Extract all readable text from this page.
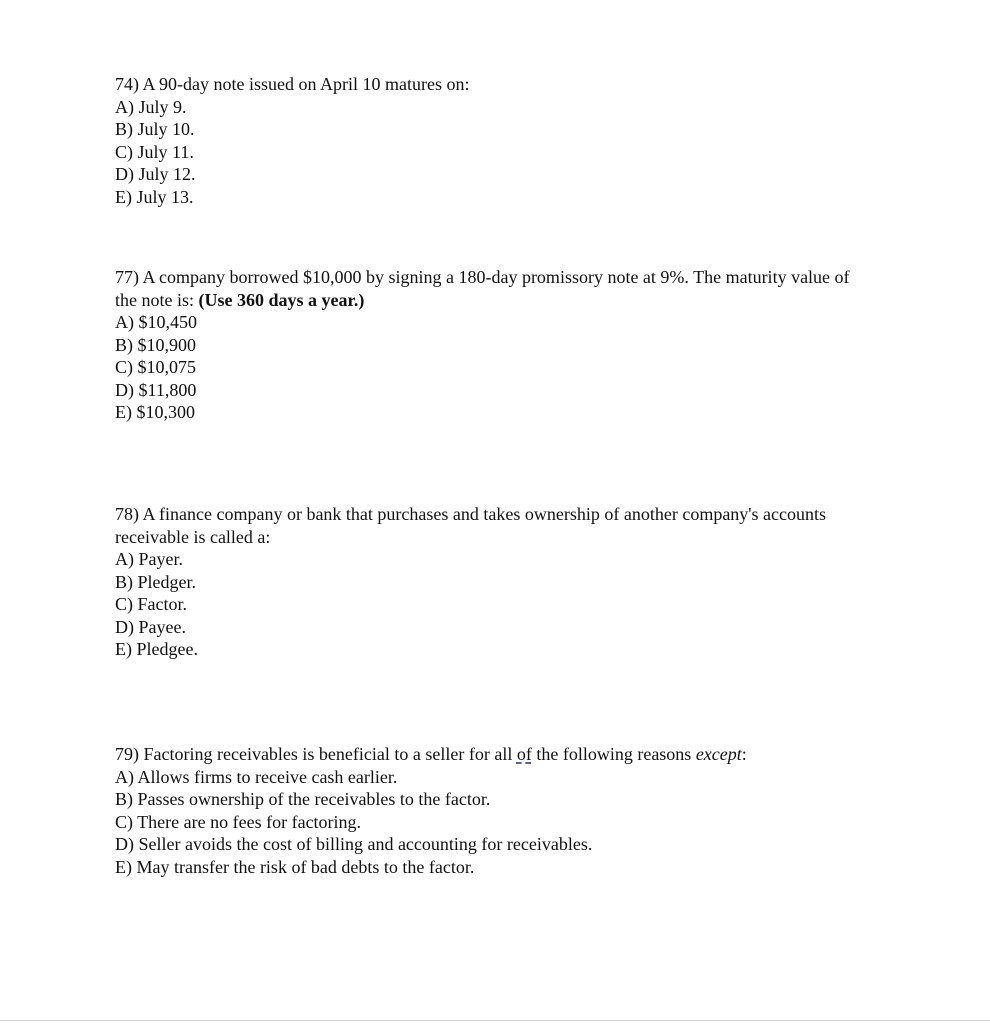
74) A 90-day note issued on April 10 matures on:
A) July 9.
B) July 10.
C) July 11.
D) July 12.
E) July 13.
77) A company borrowed $10,000 by signing a 180-day promissory note at 9%. The maturity value of the note is: (Use 360 days a year.)
A) $10,450
B) $10,900
C) $10,075
D) $11,800
E) $10,300
78) A finance company or bank that purchases and takes ownership of another company's accounts receivable is called a:
A) Payer.
B) Pledger.
C) Factor.
D) Payee.
E) Pledgee.
79) Factoring receivables is beneficial to a seller for all of the following reasons except:
A) Allows firms to receive cash earlier.
B) Passes ownership of the receivables to the factor.
C) There are no fees for factoring.
D) Seller avoids the cost of billing and accounting for receivables.
E) May transfer the risk of bad debts to the factor.
